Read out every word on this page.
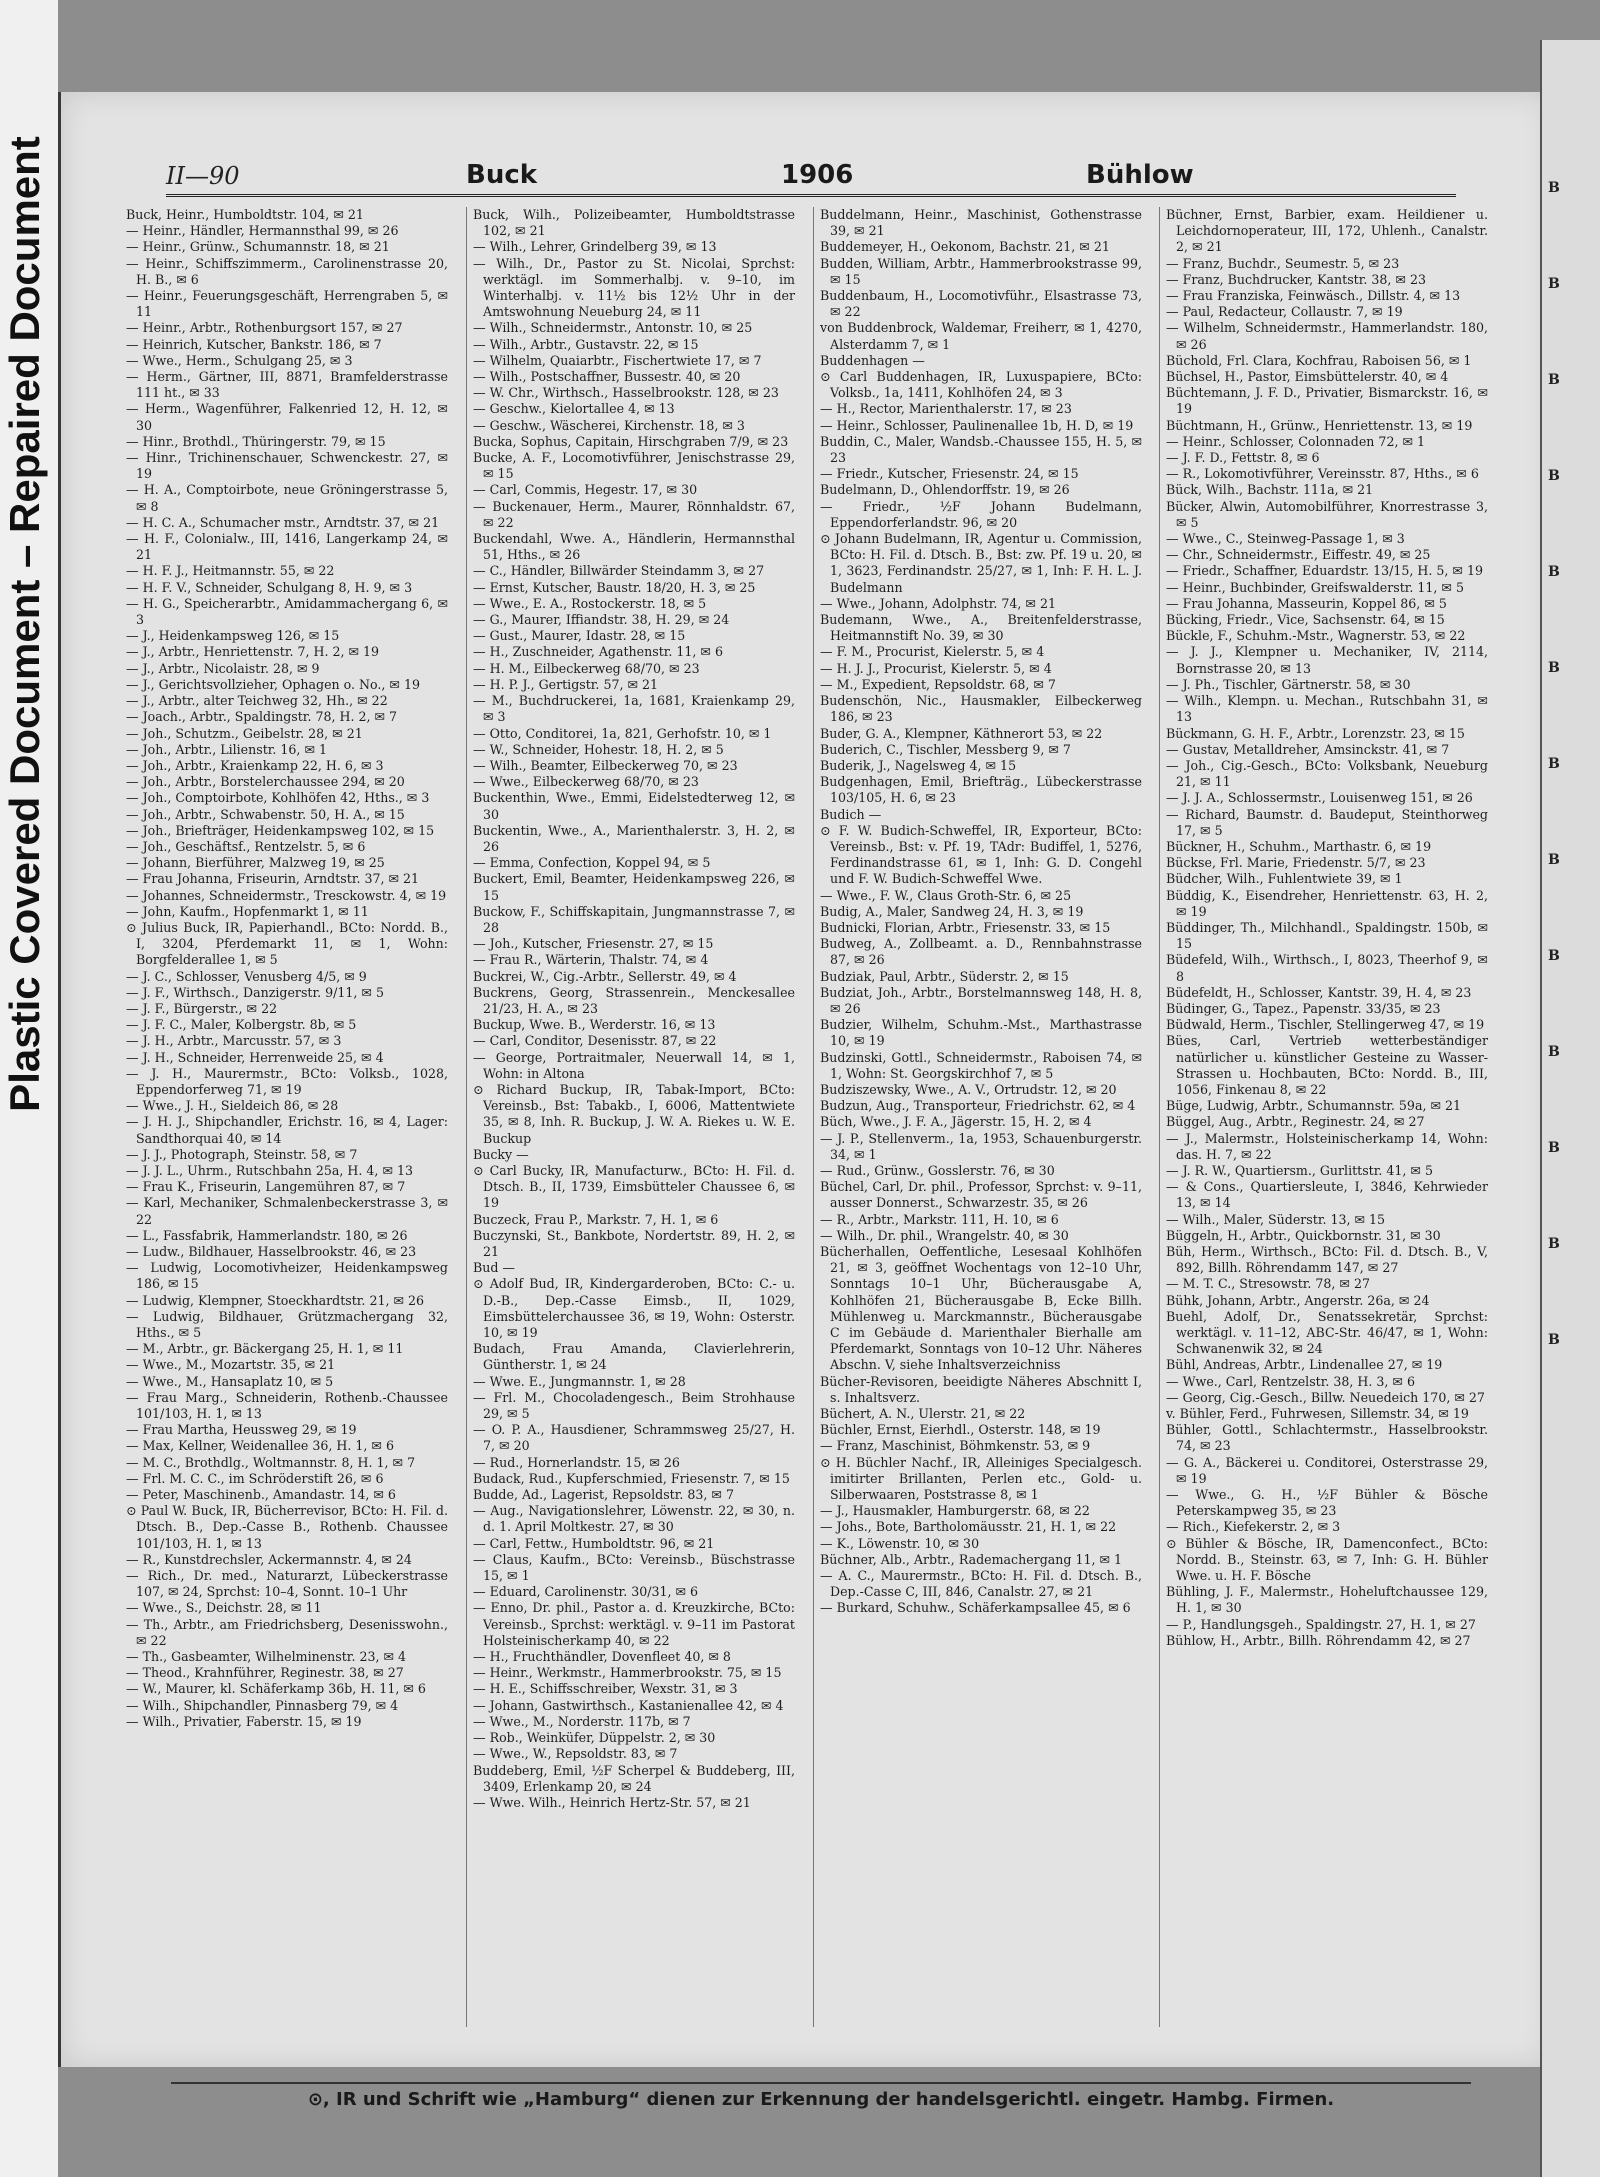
Plastic Covered Document – Repaired Document	II—90	Buck	1906	Bühlow

Buck, Heinr., Humboldtstr. 104, ✉ 21

— Heinr., Händler, Hermannsthal 99, ✉ 26

— Heinr., Grünw., Schumannstr. 18, ✉ 21

— Heinr., Schiffszimmerm., Carolinenstrasse 20, H. B., ✉ 6

— Heinr., Feuerungsgeschäft, Herrengraben 5, ✉ 11

— Heinr., Arbtr., Rothenburgsort 157, ✉ 27

— Heinrich, Kutscher, Bankstr. 186, ✉ 7

— Wwe., Herm., Schulgang 25, ✉ 3

— Herm., Gärtner, III, 8871, Bramfelderstrasse 111 ht., ✉ 33

— Herm., Wagenführer, Falkenried 12, H. 12, ✉ 30

— Hinr., Brothdl., Thüringerstr. 79, ✉ 15

— Hinr., Trichinenschauer, Schwenckestr. 27, ✉ 19

— H. A., Comptoirbote, neue Gröningerstrasse 5, ✉ 8

— H. C. A., Schumacher mstr., Arndtstr. 37, ✉ 21

— H. F., Colonialw., III, 1416, Langerkamp 24, ✉ 21

— H. F. J., Heitmannstr. 55, ✉ 22

— H. F. V., Schneider, Schulgang 8, H. 9, ✉ 3

— H. G., Speicherarbtr., Amidammachergang 6, ✉ 3

— J., Heidenkampsweg 126, ✉ 15

— J., Arbtr., Henriettenstr. 7, H. 2, ✉ 19

— J., Arbtr., Nicolaistr. 28, ✉ 9

— J., Gerichtsvollzieher, Ophagen o. No., ✉ 19

— J., Arbtr., alter Teichweg 32, Hh., ✉ 22

— Joach., Arbtr., Spaldingstr. 78, H. 2, ✉ 7

— Joh., Schutzm., Geibelstr. 28, ✉ 21

— Joh., Arbtr., Lilienstr. 16, ✉ 1

— Joh., Arbtr., Kraienkamp 22, H. 6, ✉ 3

— Joh., Arbtr., Borstelerchaussee 294, ✉ 20

— Joh., Comptoirbote, Kohlhöfen 42, Hths., ✉ 3

— Joh., Arbtr., Schwabenstr. 50, H. A., ✉ 15

— Joh., Briefträger, Heidenkampsweg 102, ✉ 15

— Joh., Geschäftsf., Rentzelstr. 5, ✉ 6

— Johann, Bierführer, Malzweg 19, ✉ 25

— Frau Johanna, Friseurin, Arndtstr. 37, ✉ 21

— Johannes, Schneidermstr., Tresckowstr. 4, ✉ 19

— John, Kaufm., Hopfenmarkt 1, ✉ 11

⊙ Julius Buck, IR, Papierhandl., BCto: Nordd. B., I, 3204, Pferdemarkt 11, ✉ 1, Wohn: Borgfelderallee 1, ✉ 5

— J. C., Schlosser, Venusberg 4/5, ✉ 9

— J. F., Wirthsch., Danzigerstr. 9/11, ✉ 5

— J. F., Bürgerstr., ✉ 22

— J. F. C., Maler, Kolbergstr. 8b, ✉ 5

— J. H., Arbtr., Marcusstr. 57, ✉ 3

— J. H., Schneider, Herrenweide 25, ✉ 4

— J. H., Maurermstr., BCto: Volksb., 1028, Eppendorferweg 71, ✉ 19

— Wwe., J. H., Sieldeich 86, ✉ 28

— J. H. J., Shipchandler, Erichstr. 16, ✉ 4, Lager: Sandthorquai 40, ✉ 14

— J. J., Photograph, Steinstr. 58, ✉ 7

— J. J. L., Uhrm., Rutschbahn 25a, H. 4, ✉ 13

— Frau K., Friseurin, Langemühren 87, ✉ 7

— Karl, Mechaniker, Schmalenbeckerstrasse 3, ✉ 22

— L., Fassfabrik, Hammerlandstr. 180, ✉ 26

— Ludw., Bildhauer, Hasselbrookstr. 46, ✉ 23

— Ludwig, Locomotivheizer, Heidenkampsweg 186, ✉ 15

— Ludwig, Klempner, Stoeckhardtstr. 21, ✉ 26

— Ludwig, Bildhauer, Grützmachergang 32, Hths., ✉ 5

— M., Arbtr., gr. Bäckergang 25, H. 1, ✉ 11

— Wwe., M., Mozartstr. 35, ✉ 21

— Wwe., M., Hansaplatz 10, ✉ 5

— Frau Marg., Schneiderin, Rothenb.-Chaussee 101/103, H. 1, ✉ 13

— Frau Martha, Heussweg 29, ✉ 19

— Max, Kellner, Weidenallee 36, H. 1, ✉ 6

— M. C., Brothdlg., Woltmannstr. 8, H. 1, ✉ 7

— Frl. M. C. C., im Schröderstift 26, ✉ 6

— Peter, Maschinenb., Amandastr. 14, ✉ 6

⊙ Paul W. Buck, IR, Bücherrevisor, BCto: H. Fil. d. Dtsch. B., Dep.-Casse B., Rothenb. Chaussee 101/103, H. 1, ✉ 13

— R., Kunstdrechsler, Ackermannstr. 4, ✉ 24

— Rich., Dr. med., Naturarzt, Lübeckerstrasse 107, ✉ 24, Sprchst: 10–4, Sonnt. 10–1 Uhr

— Wwe., S., Deichstr. 28, ✉ 11

— Th., Arbtr., am Friedrichsberg, Desenisswohn., ✉ 22

— Th., Gasbeamter, Wilhelminenstr. 23, ✉ 4

— Theod., Krahnführer, Reginestr. 38, ✉ 27

— W., Maurer, kl. Schäferkamp 36b, H. 11, ✉ 6

— Wilh., Shipchandler, Pinnasberg 79, ✉ 4

— Wilh., Privatier, Faberstr. 15, ✉ 19

Buck, Wilh., Polizeibeamter, Humboldtstrasse 102, ✉ 21

— Wilh., Lehrer, Grindelberg 39, ✉ 13

— Wilh., Dr., Pastor zu St. Nicolai, Sprchst: werktägl. im Sommerhalbj. v. 9–10, im Winterhalbj. v. 11½ bis 12½ Uhr in der Amtswohnung Neueburg 24, ✉ 11

— Wilh., Schneidermstr., Antonstr. 10, ✉ 25

— Wilh., Arbtr., Gustavstr. 22, ✉ 15

— Wilhelm, Quaiarbtr., Fischertwiete 17, ✉ 7

— Wilh., Postschaffner, Bussestr. 40, ✉ 20

— W. Chr., Wirthsch., Hasselbrookstr. 128, ✉ 23

— Geschw., Kielortallee 4, ✉ 13

— Geschw., Wäscherei, Kirchenstr. 18, ✉ 3

Bucka, Sophus, Capitain, Hirschgraben 7/9, ✉ 23

Bucke, A. F., Locomotivführer, Jenischstrasse 29, ✉ 15

— Carl, Commis, Hegestr. 17, ✉ 30

— Buckenauer, Herm., Maurer, Rönnhaldstr. 67, ✉ 22

Buckendahl, Wwe. A., Händlerin, Hermannsthal 51, Hths., ✉ 26

— C., Händler, Billwärder Steindamm 3, ✉ 27

— Ernst, Kutscher, Baustr. 18/20, H. 3, ✉ 25

— Wwe., E. A., Rostockerstr. 18, ✉ 5

— G., Maurer, Iffiandstr. 38, H. 29, ✉ 24

— Gust., Maurer, Idastr. 28, ✉ 15

— H., Zuschneider, Agathenstr. 11, ✉ 6

— H. M., Eilbeckerweg 68/70, ✉ 23

— H. P. J., Gertigstr. 57, ✉ 21

— M., Buchdruckerei, 1a, 1681, Kraienkamp 29, ✉ 3

— Otto, Conditorei, 1a, 821, Gerhofstr. 10, ✉ 1

— W., Schneider, Hohestr. 18, H. 2, ✉ 5

— Wilh., Beamter, Eilbeckerweg 70, ✉ 23

— Wwe., Eilbeckerweg 68/70, ✉ 23

Buckenthin, Wwe., Emmi, Eidelstedterweg 12, ✉ 30

Buckentin, Wwe., A., Marienthalerstr. 3, H. 2, ✉ 26

— Emma, Confection, Koppel 94, ✉ 5

Buckert, Emil, Beamter, Heidenkampsweg 226, ✉ 15

Buckow, F., Schiffskapitain, Jungmannstrasse 7, ✉ 28

— Joh., Kutscher, Friesenstr. 27, ✉ 15

— Frau R., Wärterin, Thalstr. 74, ✉ 4

Buckrei, W., Cig.-Arbtr., Sellerstr. 49, ✉ 4

Buckrens, Georg, Strassenrein., Menckesallee 21/23, H. A., ✉ 23

Buckup, Wwe. B., Werderstr. 16, ✉ 13

— Carl, Conditor, Desenisstr. 87, ✉ 22

— George, Portraitmaler, Neuerwall 14, ✉ 1, Wohn: in Altona

⊙ Richard Buckup, IR, Tabak-Import, BCto: Vereinsb., Bst: Tabakb., I, 6006, Mattentwiete 35, ✉ 8, Inh. R. Buckup, J. W. A. Riekes u. W. E. Buckup

Bucky —

⊙ Carl Bucky, IR, Manufacturw., BCto: H. Fil. d. Dtsch. B., II, 1739, Eimsbütteler Chaussee 6, ✉ 19

Buczeck, Frau P., Markstr. 7, H. 1, ✉ 6

Buczynski, St., Bankbote, Nordertstr. 89, H. 2, ✉ 21

Bud —

⊙ Adolf Bud, IR, Kindergarderoben, BCto: C.- u. D.-B., Dep.-Casse Eimsb., II, 1029, Eimsbüttelerchaussee 36, ✉ 19, Wohn: Osterstr. 10, ✉ 19

Budach, Frau Amanda, Clavierlehrerin, Güntherstr. 1, ✉ 24

— Wwe. E., Jungmannstr. 1, ✉ 28

— Frl. M., Chocoladengesch., Beim Strohhause 29, ✉ 5

— O. P. A., Hausdiener, Schrammsweg 25/27, H. 7, ✉ 20

— Rud., Hornerlandstr. 15, ✉ 26

Budack, Rud., Kupferschmied, Friesenstr. 7, ✉ 15

Budde, Ad., Lagerist, Repsoldstr. 83, ✉ 7

— Aug., Navigationslehrer, Löwenstr. 22, ✉ 30, n. d. 1. April Moltkestr. 27, ✉ 30

— Carl, Fettw., Humboldtstr. 96, ✉ 21

— Claus, Kaufm., BCto: Vereinsb., Büschstrasse 15, ✉ 1

— Eduard, Carolinenstr. 30/31, ✉ 6

— Enno, Dr. phil., Pastor a. d. Kreuzkirche, BCto: Vereinsb., Sprchst: werktägl. v. 9–11 im Pastorat Holsteinischerkamp 40, ✉ 22

— H., Fruchthändler, Dovenfleet 40, ✉ 8

— Heinr., Werkmstr., Hammerbrookstr. 75, ✉ 15

— H. E., Schiffsschreiber, Wexstr. 31, ✉ 3

— Johann, Gastwirthsch., Kastanienallee 42, ✉ 4

— Wwe., M., Norderstr. 117b, ✉ 7

— Rob., Weinküfer, Düppelstr. 2, ✉ 30

— Wwe., W., Repsoldstr. 83, ✉ 7

Buddeberg, Emil, ½F Scherpel & Buddeberg, III, 3409, Erlenkamp 20, ✉ 24

— Wwe. Wilh., Heinrich Hertz-Str. 57, ✉ 21

Buddelmann, Heinr., Maschinist, Gothenstrasse 39, ✉ 21

Buddemeyer, H., Oekonom, Bachstr. 21, ✉ 21

Budden, William, Arbtr., Hammerbrookstrasse 99, ✉ 15

Buddenbaum, H., Locomotivführ., Elsastrasse 73, ✉ 22

von Buddenbrock, Waldemar, Freiherr, ✉ 1, 4270, Alsterdamm 7, ✉ 1

Buddenhagen —

⊙ Carl Buddenhagen, IR, Luxuspapiere, BCto: Volksb., 1a, 1411, Kohlhöfen 24, ✉ 3

— H., Rector, Marienthalerstr. 17, ✉ 23

— Heinr., Schlosser, Paulinenallee 1b, H. D, ✉ 19

Buddin, C., Maler, Wandsb.-Chaussee 155, H. 5, ✉ 23

— Friedr., Kutscher, Friesenstr. 24, ✉ 15

Budelmann, D., Ohlendorffstr. 19, ✉ 26

— Friedr., ½F Johann Budelmann, Eppendorferlandstr. 96, ✉ 20

⊙ Johann Budelmann, IR, Agentur u. Commission, BCto: H. Fil. d. Dtsch. B., Bst: zw. Pf. 19 u. 20, ✉ 1, 3623, Ferdinandstr. 25/27, ✉ 1, Inh: F. H. L. J. Budelmann

— Wwe., Johann, Adolphstr. 74, ✉ 21

Budemann, Wwe., A., Breitenfelderstrasse, Heitmannstift No. 39, ✉ 30

— F. M., Procurist, Kielerstr. 5, ✉ 4

— H. J. J., Procurist, Kielerstr. 5, ✉ 4

— M., Expedient, Repsoldstr. 68, ✉ 7

Budenschön, Nic., Hausmakler, Eilbeckerweg 186, ✉ 23

Buder, G. A., Klempner, Käthnerort 53, ✉ 22

Buderich, C., Tischler, Messberg 9, ✉ 7

Buderik, J., Nagelsweg 4, ✉ 15

Budgenhagen, Emil, Briefträg., Lübeckerstrasse 103/105, H. 6, ✉ 23

Budich —

⊙ F. W. Budich-Schweffel, IR, Exporteur, BCto: Vereinsb., Bst: v. Pf. 19, TAdr: Budiffel, 1, 5276, Ferdinandstrasse 61, ✉ 1, Inh: G. D. Congehl und F. W. Budich-Schweffel Wwe.

— Wwe., F. W., Claus Groth-Str. 6, ✉ 25

Budig, A., Maler, Sandweg 24, H. 3, ✉ 19

Budnicki, Florian, Arbtr., Friesenstr. 33, ✉ 15

Budweg, A., Zollbeamt. a. D., Rennbahnstrasse 87, ✉ 26

Budziak, Paul, Arbtr., Süderstr. 2, ✉ 15

Budziat, Joh., Arbtr., Borstelmannsweg 148, H. 8, ✉ 26

Budzier, Wilhelm, Schuhm.-Mst., Marthastrasse 10, ✉ 19

Budzinski, Gottl., Schneidermstr., Raboisen 74, ✉ 1, Wohn: St. Georgskirchhof 7, ✉ 5

Budziszewsky, Wwe., A. V., Ortrudstr. 12, ✉ 20

Budzun, Aug., Transporteur, Friedrichstr. 62, ✉ 4

Büch, Wwe., J. F. A., Jägerstr. 15, H. 2, ✉ 4

— J. P., Stellenverm., 1a, 1953, Schauenburgerstr. 34, ✉ 1

— Rud., Grünw., Gosslerstr. 76, ✉ 30

Büchel, Carl, Dr. phil., Professor, Sprchst: v. 9–11, ausser Donnerst., Schwarzestr. 35, ✉ 26

— R., Arbtr., Markstr. 111, H. 10, ✉ 6

— Wilh., Dr. phil., Wrangelstr. 40, ✉ 30

Bücherhallen, Oeffentliche, Lesesaal Kohlhöfen 21, ✉ 3, geöffnet Wochentags von 12–10 Uhr, Sonntags 10–1 Uhr, Bücherausgabe A, Kohlhöfen 21, Bücherausgabe B, Ecke Billh. Mühlenweg u. Marckmannstr., Bücherausgabe C im Gebäude d. Marienthaler Bierhalle am Pferdemarkt, Sonntags von 10–12 Uhr. Näheres Abschn. V, siehe Inhaltsverzeichniss

Bücher-Revisoren, beeidigte Näheres Abschnitt I, s. Inhaltsverz.

Büchert, A. N., Ulerstr. 21, ✉ 22

Büchler, Ernst, Eierhdl., Osterstr. 148, ✉ 19

— Franz, Maschinist, Böhmkenstr. 53, ✉ 9

⊙ H. Büchler Nachf., IR, Alleiniges Specialgesch. imitirter Brillanten, Perlen etc., Gold- u. Silberwaaren, Poststrasse 8, ✉ 1

— J., Hausmakler, Hamburgerstr. 68, ✉ 22

— Johs., Bote, Bartholomäusstr. 21, H. 1, ✉ 22

— K., Löwenstr. 10, ✉ 30

Büchner, Alb., Arbtr., Rademachergang 11, ✉ 1

— A. C., Maurermstr., BCto: H. Fil. d. Dtsch. B., Dep.-Casse C, III, 846, Canalstr. 27, ✉ 21

— Burkard, Schuhw., Schäferkampsallee 45, ✉ 6

Büchner, Ernst, Barbier, exam. Heildiener u. Leichdornoperateur, III, 172, Uhlenh., Canalstr. 2, ✉ 21

— Franz, Buchdr., Seumestr. 5, ✉ 23

— Franz, Buchdrucker, Kantstr. 38, ✉ 23

— Frau Franziska, Feinwäsch., Dillstr. 4, ✉ 13

— Paul, Redacteur, Collaustr. 7, ✉ 19

— Wilhelm, Schneidermstr., Hammerlandstr. 180, ✉ 26

Büchold, Frl. Clara, Kochfrau, Raboisen 56, ✉ 1

Büchsel, H., Pastor, Eimsbüttelerstr. 40, ✉ 4

Büchtemann, J. F. D., Privatier, Bismarckstr. 16, ✉ 19

Büchtmann, H., Grünw., Henriettenstr. 13, ✉ 19

— Heinr., Schlosser, Colonnaden 72, ✉ 1

— J. F. D., Fettstr. 8, ✉ 6

— R., Lokomotivführer, Vereinsstr. 87, Hths., ✉ 6

Bück, Wilh., Bachstr. 111a, ✉ 21

Bücker, Alwin, Automobilführer, Knorrestrasse 3, ✉ 5

— Wwe., C., Steinweg-Passage 1, ✉ 3

— Chr., Schneidermstr., Eiffestr. 49, ✉ 25

— Friedr., Schaffner, Eduardstr. 13/15, H. 5, ✉ 19

— Heinr., Buchbinder, Greifswalderstr. 11, ✉ 5

— Frau Johanna, Masseurin, Koppel 86, ✉ 5

Bücking, Friedr., Vice, Sachsenstr. 64, ✉ 15

Bückle, F., Schuhm.-Mstr., Wagnerstr. 53, ✉ 22

— J. J., Klempner u. Mechaniker, IV, 2114, Bornstrasse 20, ✉ 13

— J. Ph., Tischler, Gärtnerstr. 58, ✉ 30

— Wilh., Klempn. u. Mechan., Rutschbahn 31, ✉ 13

Bückmann, G. H. F., Arbtr., Lorenzstr. 23, ✉ 15

— Gustav, Metalldreher, Amsinckstr. 41, ✉ 7

— Joh., Cig.-Gesch., BCto: Volksbank, Neueburg 21, ✉ 11

— J. J. A., Schlossermstr., Louisenweg 151, ✉ 26

— Richard, Baumstr. d. Baudeput, Steinthorweg 17, ✉ 5

Bückner, H., Schuhm., Marthastr. 6, ✉ 19

Bückse, Frl. Marie, Friedenstr. 5/7, ✉ 23

Büdcher, Wilh., Fuhlentwiete 39, ✉ 1

Büddig, K., Eisendreher, Henriettenstr. 63, H. 2, ✉ 19

Büddinger, Th., Milchhandl., Spaldingstr. 150b, ✉ 15

Büdefeld, Wilh., Wirthsch., I, 8023, Theerhof 9, ✉ 8

Büdefeldt, H., Schlosser, Kantstr. 39, H. 4, ✉ 23

Büdinger, G., Tapez., Papenstr. 33/35, ✉ 23

Büdwald, Herm., Tischler, Stellingerweg 47, ✉ 19

Bües, Carl, Vertrieb wetterbeständiger natürlicher u. künstlicher Gesteine zu Wasser-Strassen u. Hochbauten, BCto: Nordd. B., III, 1056, Finkenau 8, ✉ 22

Büge, Ludwig, Arbtr., Schumannstr. 59a, ✉ 21

Büggel, Aug., Arbtr., Reginestr. 24, ✉ 27

— J., Malermstr., Holsteinischerkamp 14, Wohn: das. H. 7, ✉ 22

— J. R. W., Quartiersm., Gurlittstr. 41, ✉ 5

— & Cons., Quartiersleute, I, 3846, Kehrwieder 13, ✉ 14

— Wilh., Maler, Süderstr. 13, ✉ 15

Büggeln, H., Arbtr., Quickbornstr. 31, ✉ 30

Büh, Herm., Wirthsch., BCto: Fil. d. Dtsch. B., V, 892, Billh. Röhrendamm 147, ✉ 27

— M. T. C., Stresowstr. 78, ✉ 27

Bühk, Johann, Arbtr., Angerstr. 26a, ✉ 24

Buehl, Adolf, Dr., Senatssekretär, Sprchst: werktägl. v. 11–12, ABC-Str. 46/47, ✉ 1, Wohn: Schwanenwik 32, ✉ 24

Bühl, Andreas, Arbtr., Lindenallee 27, ✉ 19

— Wwe., Carl, Rentzelstr. 38, H. 3, ✉ 6

— Georg, Cig.-Gesch., Billw. Neuedeich 170, ✉ 27

v. Bühler, Ferd., Fuhrwesen, Sillemstr. 34, ✉ 19

Bühler, Gottl., Schlachtermstr., Hasselbrookstr. 74, ✉ 23

— G. A., Bäckerei u. Conditorei, Osterstrasse 29, ✉ 19

— Wwe., G. H., ½F Bühler & Bösche Peterskampweg 35, ✉ 23

— Rich., Kiefekerstr. 2, ✉ 3

⊙ Bühler & Bösche, IR, Damenconfect., BCto: Nordd. B., Steinstr. 63, ✉ 7, Inh: G. H. Bühler Wwe. u. H. F. Bösche

Bühling, J. F., Malermstr., Hoheluftchaussee 129, H. 1, ✉ 30

— P., Handlungsgeh., Spaldingstr. 27, H. 1, ✉ 27

Bühlow, H., Arbtr., Billh. Röhrendamm 42, ✉ 27

⊙, IR und Schrift wie „Hamburg“ dienen zur Erkennung der handelsgerichtl. eingetr. Hambg. Firmen.
B
B
B
B
B
B
B
B
B
B
B
B
B
